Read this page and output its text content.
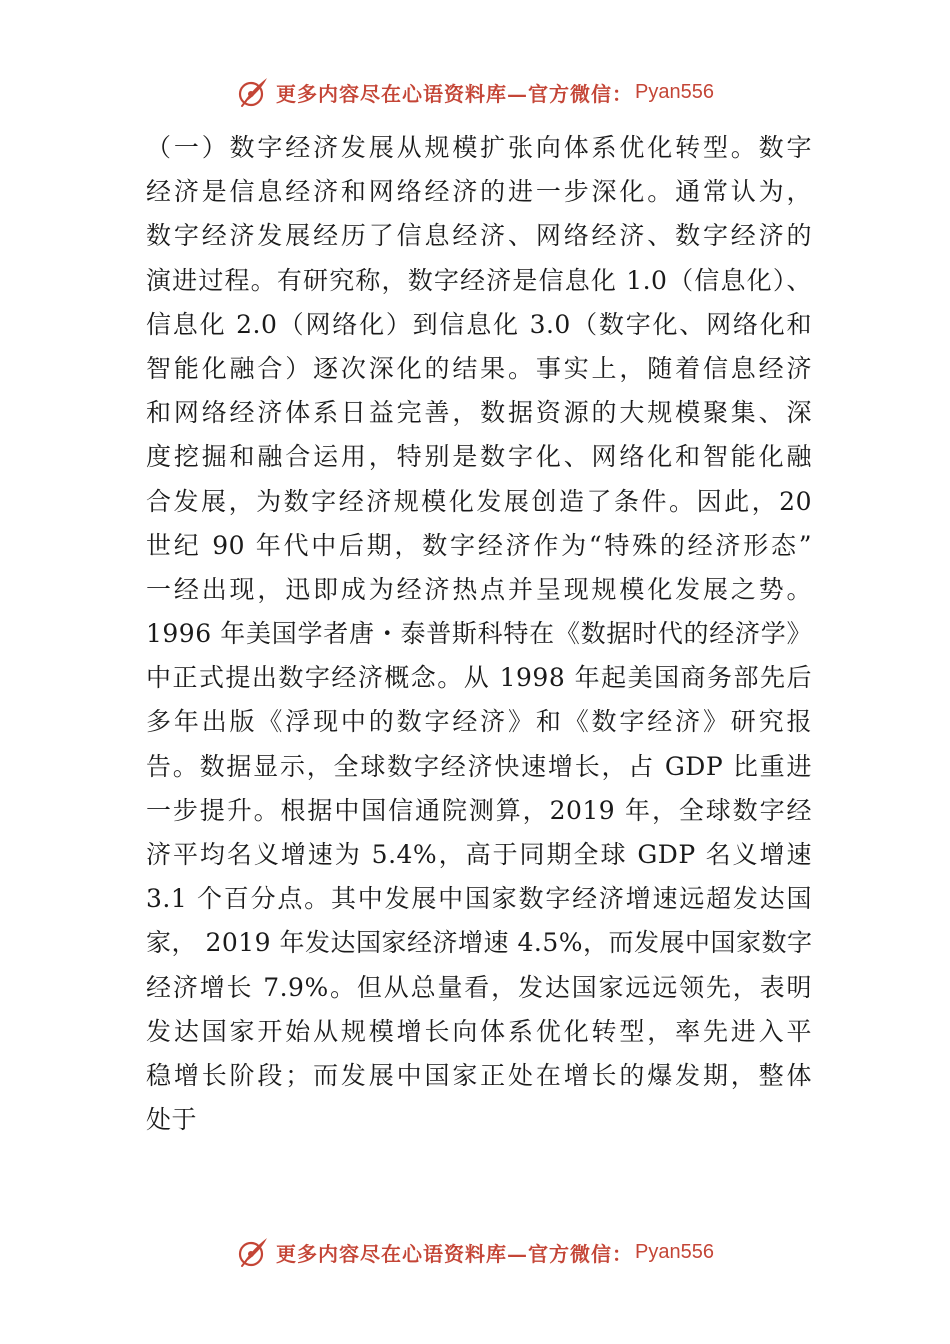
更多内容尽在心语资料库—官方微信： Pyan556
（一）数字经济发展从规模扩张向体系优化转型。数字
经济是信息经济和网络经济的进一步深化。通常认为，
数字经济发展经历了信息经济、网络经济、数字经济的
演进过程。有研究称，数字经济是信息化 1.0（信息化）、
信息化 2.0（网络化）到信息化 3.0（数字化、网络化和
智能化融合）逐次深化的结果。事实上，随着信息经济
和网络经济体系日益完善，数据资源的大规模聚集、深
度挖掘和融合运用，特别是数字化、网络化和智能化融
合发展，为数字经济规模化发展创造了条件。因此，20
世纪 90 年代中后期，数字经济作为“特殊的经济形态”
一经出现，迅即成为经济热点并呈现规模化发展之势。
1996 年美国学者唐・泰普斯科特在《数据时代的经济学》
中正式提出数字经济概念。从 1998 年起美国商务部先后
多年出版《浮现中的数字经济》和《数字经济》研究报
告。数据显示，全球数字经济快速增长，占 GDP 比重进
一步提升。根据中国信通院测算，2019 年，全球数字经
济平均名义增速为 5.4%，高于同期全球 GDP 名义增速
3.1 个百分点。其中发展中国家数字经济增速远超发达国
家， 2019 年发达国家经济增速 4.5%，而发展中国家数字
经济增长 7.9%。但从总量看，发达国家远远领先，表明
发达国家开始从规模增长向体系优化转型，率先进入平
稳增长阶段；而发展中国家正处在增长的爆发期，整体
处于
更多内容尽在心语资料库—官方微信： Pyan556
